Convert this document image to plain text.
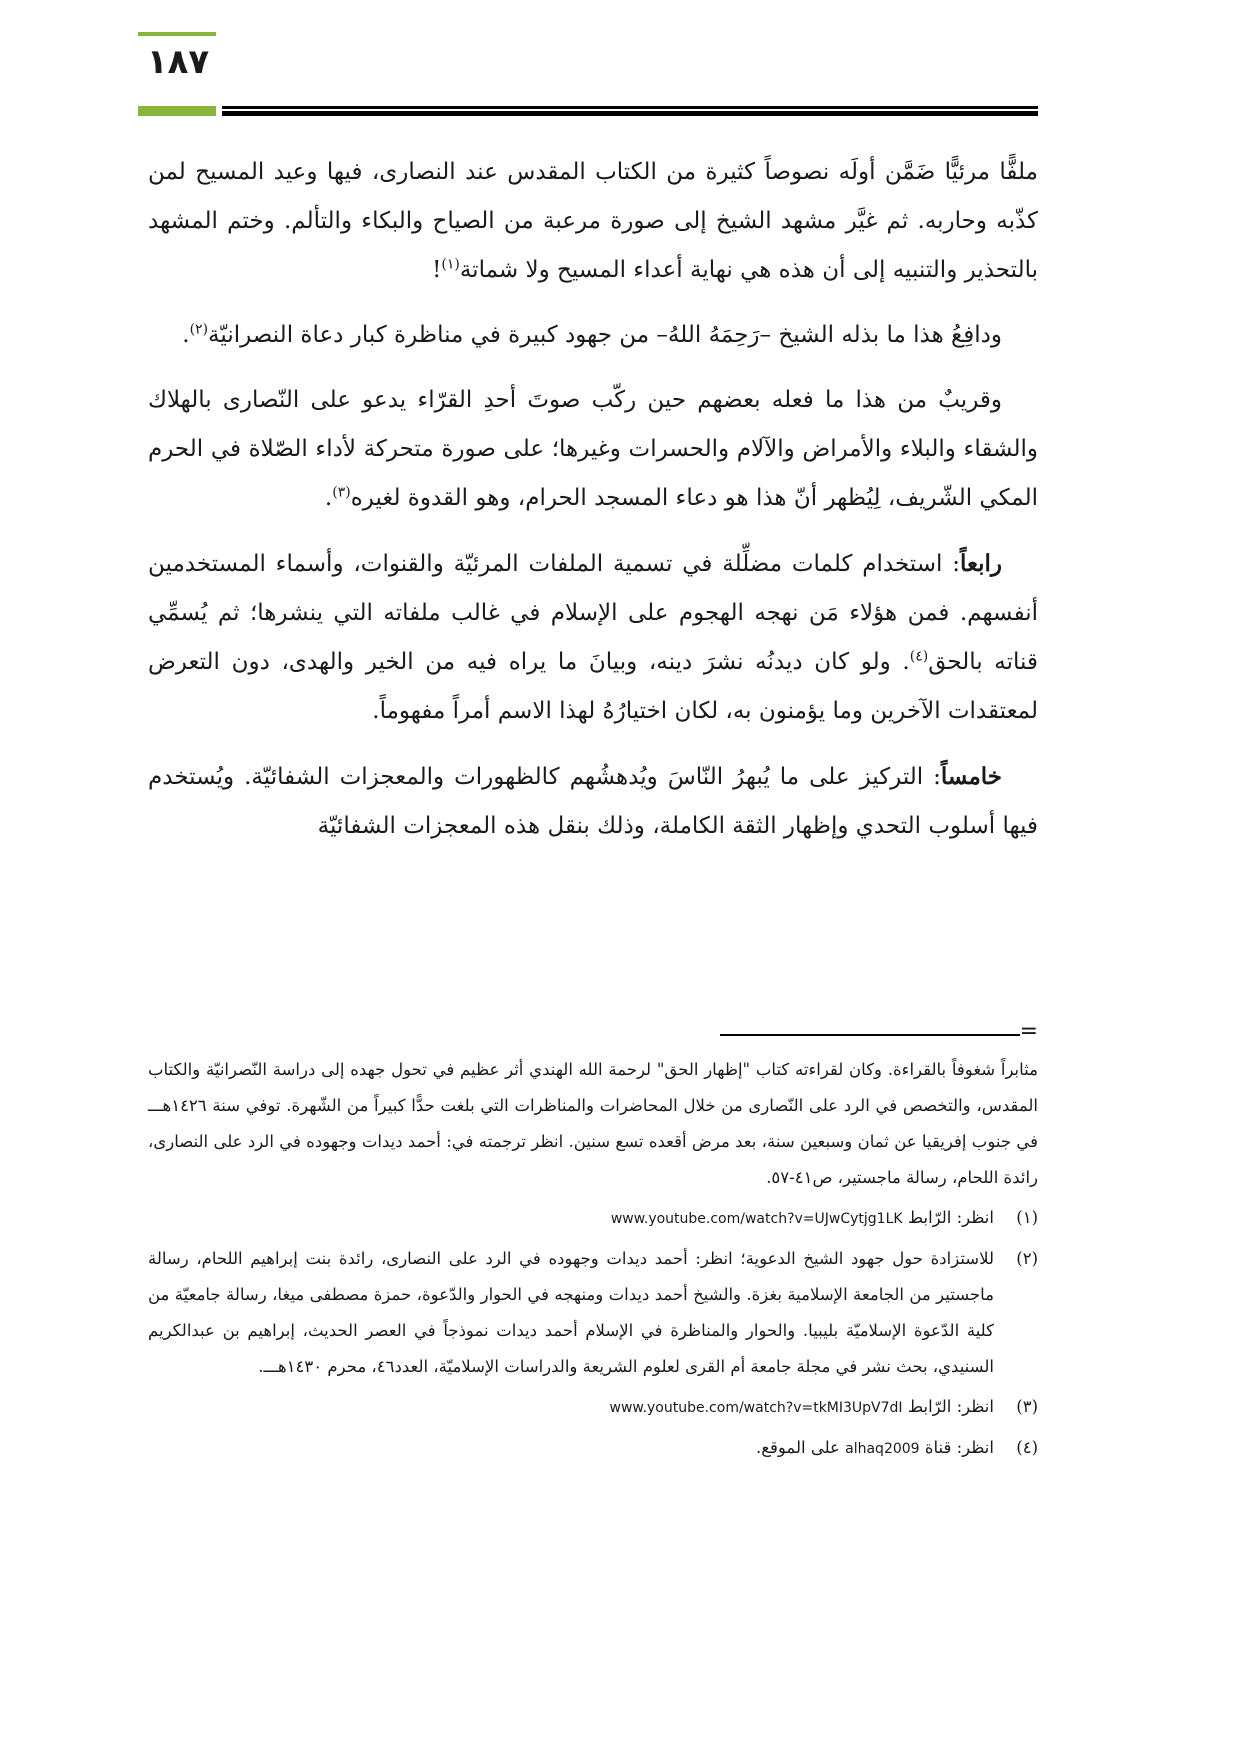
١٨٧

ملفًّا مرئيًّا ضَمَّن أولَه نصوصاً كثيرة من الكتاب المقدس عند النصارى، فيها وعيد المسيح لمن كذّبه وحاربه. ثم غيَّر مشهد الشيخ إلى صورة مرعبة من الصياح والبكاء والتألم. وختم المشهد بالتحذير والتنبيه إلى أن هذه هي نهاية أعداء المسيح ولا شماتة$^{(١)}$!

ودافِعُ هذا ما بذله الشيخ –رَحِمَهُ اللهُ– من جهود كبيرة في مناظرة كبار دعاة النصرانيّة$^{(٢)}$.

وقريبٌ من هذا ما فعله بعضهم حين ركّب صوتَ أحدِ القرّاء يدعو على النّصارى بالهلاك والشقاء والبلاء والأمراض والآلام والحسرات وغيرها؛ على صورة متحركة لأداء الصّلاة في الحرم المكي الشّريف، لِيُظهر أنّ هذا هو دعاء المسجد الحرام، وهو القدوة لغيره$^{(٣)}$.

رابعاً: استخدام كلمات مضلِّلة في تسمية الملفات المرئيّة والقنوات، وأسماء المستخدمين أنفسهم. فمن هؤلاء مَن نهجه الهجوم على الإسلام في غالب ملفاته التي ينشرها؛ ثم يُسمِّي قناته بالحق$^{(٤)}$. ولو كان ديدنُه نشرَ دينه، وبيانَ ما يراه فيه من الخير والهدى، دون التعرض لمعتقدات الآخرين وما يؤمنون به، لكان اختيارُهُ لهذا الاسم أمراً مفهوماً.

خامساً: التركيز على ما يُبهرُ النّاسَ ويُدهشُهم كالظهورات والمعجزات الشفائيّة. ويُستخدم فيها أسلوب التحدي وإظهار الثقة الكاملة، وذلك بنقل هذه المعجزات الشفائيّة

=

مثابراً شغوفاً بالقراءة. وكان لقراءته كتاب "إظهار الحق" لرحمة الله الهندي أثر عظيم في تحول جهده إلى دراسة النّصرانيّة والكتاب المقدس، والتخصص في الرد على النّصارى من خلال المحاضرات والمناظرات التي بلغت حدًّا كبيراً من الشّهرة. توفي سنة ١٤٢٦هـــ في جنوب إفريقيا عن ثمان وسبعين سنة، بعد مرض أقعده تسع سنين. انظر ترجمته في: أحمد ديدات وجهوده في الرد على النصارى، رائدة اللحام، رسالة ماجستير، ص٤١-٥٧.

(١)انظر: الرّابط www.youtube.com/watch?v=UJwCytjg1LK

(٢)للاستزادة حول جهود الشيخ الدعوية؛ انظر: أحمد ديدات وجهوده في الرد على النصارى، رائدة بنت إبراهيم اللحام، رسالة ماجستير من الجامعة الإسلامية بغزة. والشيخ أحمد ديدات ومنهجه في الحوار والدّعوة، حمزة مصطفى ميغا، رسالة جامعيّة من كلية الدّعوة الإسلاميّة بليبيا. والحوار والمناظرة في الإسلام أحمد ديدات نموذجاً في العصر الحديث، إبراهيم بن عبدالكريم السنيدي، بحث نشر في مجلة جامعة أم القرى لعلوم الشريعة والدراسات الإسلاميّة، العدد٤٦، محرم ١٤٣٠هـــ.

(٣)انظر: الرّابط www.youtube.com/watch?v=tkMI3UpV7dI

(٤)انظر: قناة alhaq2009 على الموقع.
